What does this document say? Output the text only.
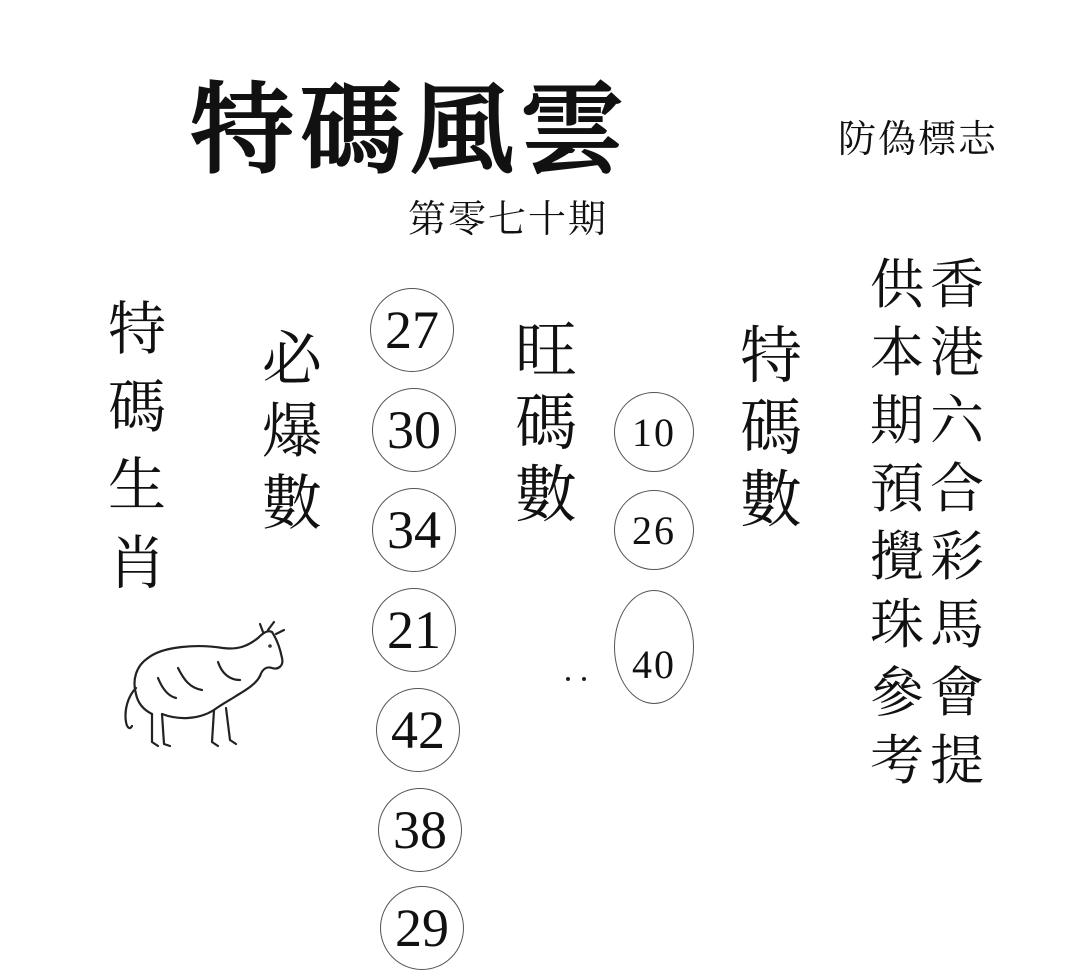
特碼風雲	防偽標志
第零七十期
特
碼
生
肖
必
爆
數
27
30
34
21
42
38
29
旺
碼
數
10
26
40
特
碼
數
香
港
六
合
彩
馬
會
提
供
本
期
預
攪
珠
參
考
